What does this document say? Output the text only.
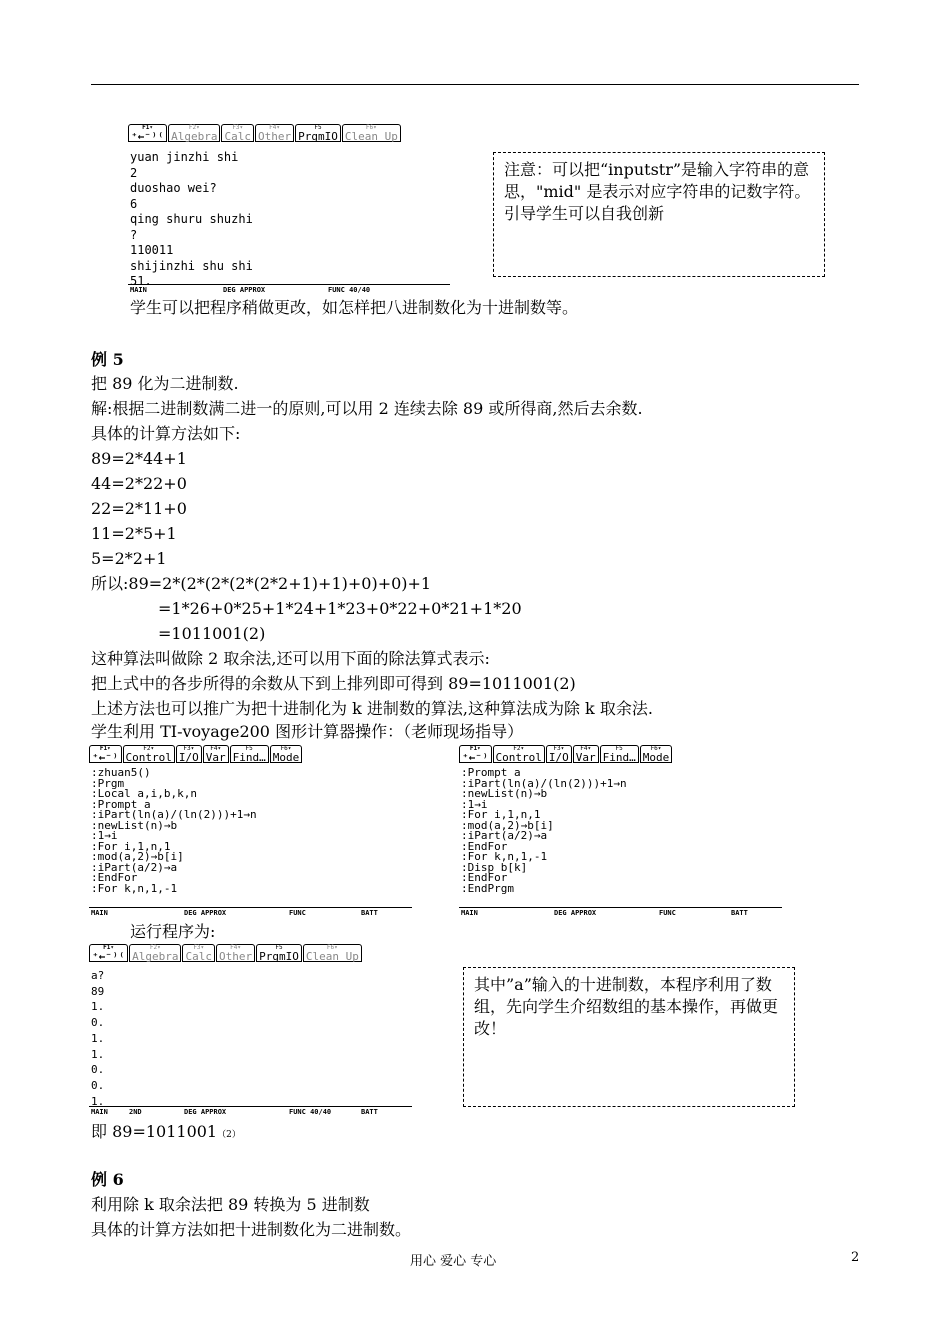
F1▾
⁺←⁻⁾⁽
F2▾
Algebra
F3▾
Calc
F4▾
Other
F5
PrgmIO
F6▾
Clean Up
yuan jinzhi shi
2
duoshao wei?
6
qing shuru shuzhi
?
110011
shijinzhi shu shi
51.
MAIN	DEG APPROX	FUNC 40/40
注意：可以把“inputstr”是输入字符串的意思，"mid" 是表示对应字符串的记数字符。引导学生可以自我创新
学生可以把程序稍做更改，如怎样把八进制数化为十进制数等。
例 5
把 89 化为二进制数.
解:根据二进制数满二进一的原则,可以用 2 连续去除 89 或所得商,然后去余数.
具体的计算方法如下:
89=2*44+1
44=2*22+0
22=2*11+0
11=2*5+1
5=2*2+1
所以:89=2*(2*(2*(2*(2*2+1)+1)+0)+0)+1
=1*26+0*25+1*24+1*23+0*22+0*21+1*20
=1011001(2)
这种算法叫做除 2 取余法,还可以用下面的除法算式表示:
把上式中的各步所得的余数从下到上排列即可得到 89=1011001(2)
上述方法也可以推广为把十进制化为 k 进制数的算法,这种算法成为除 k 取余法.
学生利用 TI-voyage200 图形计算器操作：（老师现场指导）
F1▾
⁺←⁻⁾
F2▾
Control
F3▾
I/O
F4▾
Var
F5
Find…
F6▾
Mode
:zhuan5()
:Prgm
:Local a,i,b,k,n
:Prompt a
:iPart(ln(a)/(ln(2)))+1→n
:newList(n)→b
:1→i
:For i,1,n,1
:mod(a,2)→b[i]
:iPart(a/2)→a
:EndFor
:For k,n,1,-1
MAIN	DEG APPROX	FUNC	BATT
F1▾
⁺←⁻⁾
F2▾
Control
F3▾
I/O
F4▾
Var
F5
Find…
F6▾
Mode
:Prompt a
:iPart(ln(a)/(ln(2)))+1→n
:newList(n)→b
:1→i
:For i,1,n,1
:mod(a,2)→b[i]
:iPart(a/2)→a
:EndFor
:For k,n,1,-1
:Disp b[k]
:EndFor
:EndPrgm
MAIN	DEG APPROX	FUNC	BATT
运行程序为:
F1▾
⁺←⁻⁾⁽
F2▾
Algebra
F3▾
Calc
F4▾
Other
F5
PrgmIO
F6▾
Clean Up
a?
89
1.
0.
1.
1.
0.
0.
1.
MAIN	2ND	DEG APPROX	FUNC 40/40	BATT
其中”a”输入的十进制数，本程序利用了数组，先向学生介绍数组的基本操作，再做更改！
即 89=1011001（2）
例 6
利用除 k 取余法把 89 转换为 5 进制数
具体的计算方法如把十进制数化为二进制数。
用心 爱心 专心	2
